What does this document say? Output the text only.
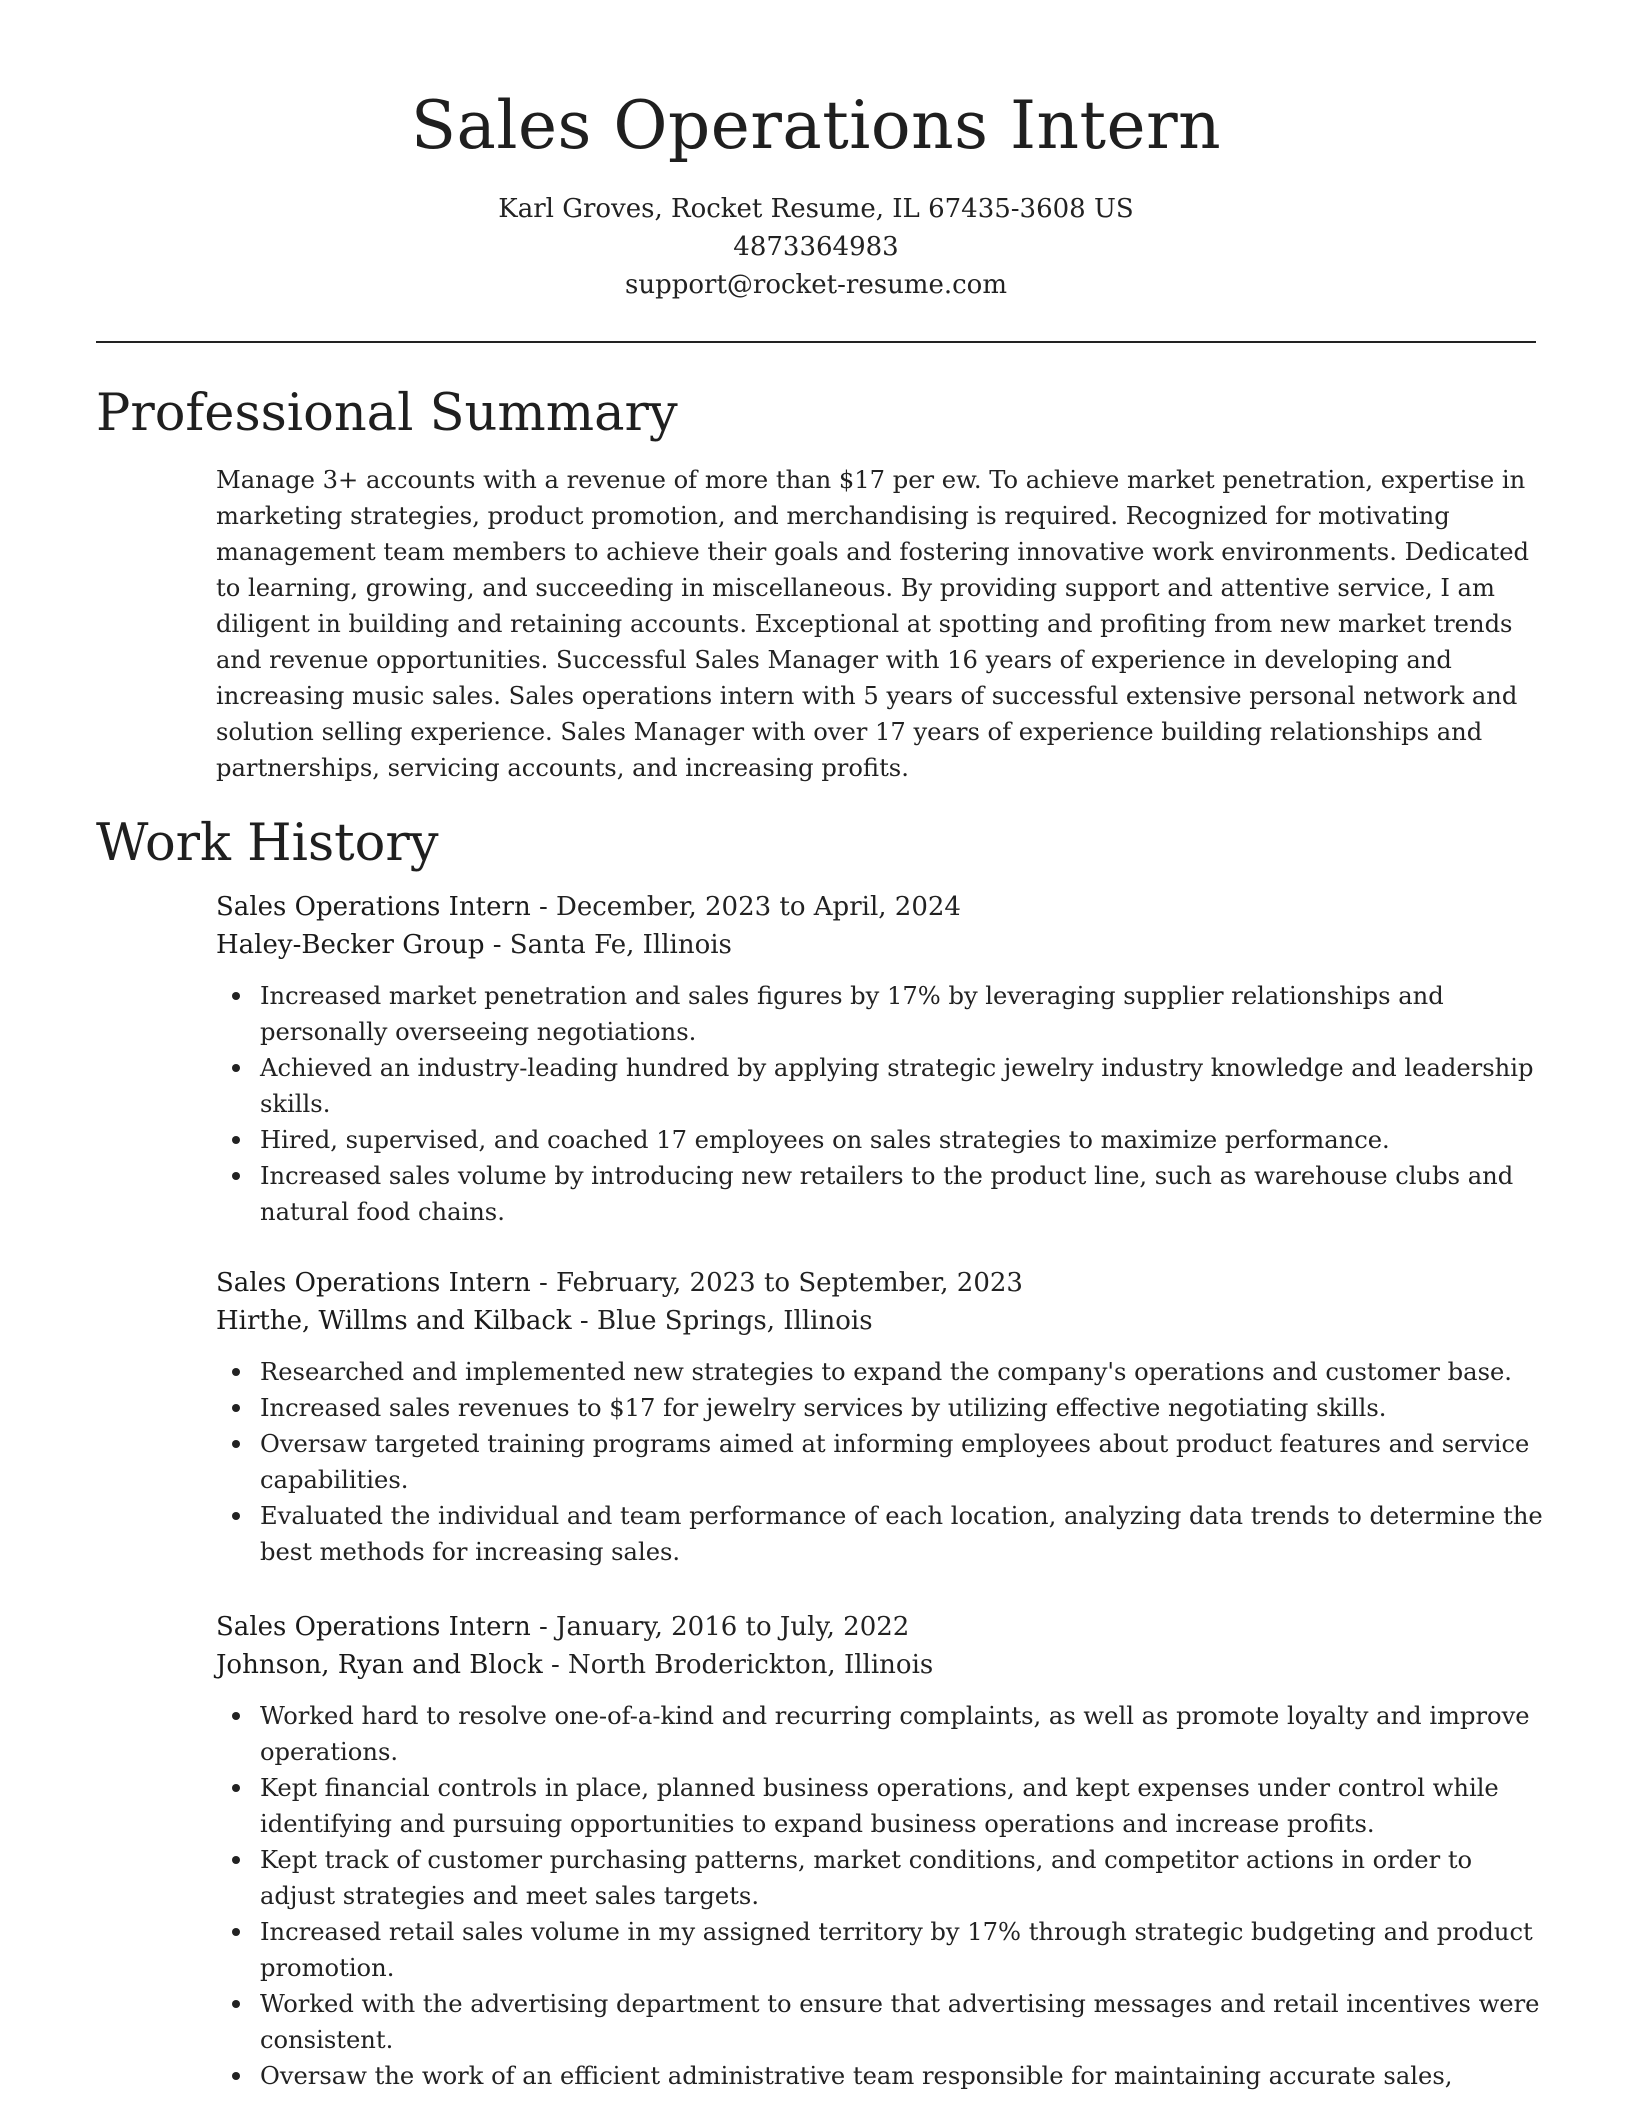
Sales Operations Intern
Karl Groves, Rocket Resume, IL 67435-3608 US
4873364983
support@rocket-resume.com
Professional Summary

Manage 3+ accounts with a revenue of more than $17 per ew. To achieve market penetration, expertise in marketing strategies, product promotion, and merchandising is required. Recognized for motivating management team members to achieve their goals and fostering innovative work environments. Dedicated to learning, growing, and succeeding in miscellaneous. By providing support and attentive service, I am diligent in building and retaining accounts. Exceptional at spotting and profiting from new market trends and revenue opportunities. Successful Sales Manager with 16 years of experience in developing and increasing music sales. Sales operations intern with 5 years of successful extensive personal network and solution selling experience. Sales Manager with over 17 years of experience building relationships and partnerships, servicing accounts, and increasing profits.

Work History
Sales Operations Intern - December, 2023 to April, 2024
Haley-Becker Group - Santa Fe, Illinois
Increased market penetration and sales figures by 17% by leveraging supplier relationships and personally overseeing negotiations.
Achieved an industry-leading hundred by applying strategic jewelry industry knowledge and leadership skills.
Hired, supervised, and coached 17 employees on sales strategies to maximize performance.
Increased sales volume by introducing new retailers to the product line, such as warehouse clubs and natural food chains.
Sales Operations Intern - February, 2023 to September, 2023
Hirthe, Willms and Kilback - Blue Springs, Illinois
Researched and implemented new strategies to expand the company's operations and customer base.
Increased sales revenues to $17 for jewelry services by utilizing effective negotiating skills.
Oversaw targeted training programs aimed at informing employees about product features and service capabilities.
Evaluated the individual and team performance of each location, analyzing data trends to determine the best methods for increasing sales.
Sales Operations Intern - January, 2016 to July, 2022
Johnson, Ryan and Block - North Broderickton, Illinois
Worked hard to resolve one-of-a-kind and recurring complaints, as well as promote loyalty and improve operations.
Kept financial controls in place, planned business operations, and kept expenses under control while identifying and pursuing opportunities to expand business operations and increase profits.
Kept track of customer purchasing patterns, market conditions, and competitor actions in order to adjust strategies and meet sales targets.
Increased retail sales volume in my assigned territory by 17% through strategic budgeting and product promotion.
Worked with the advertising department to ensure that advertising messages and retail incentives were consistent.
Oversaw the work of an efficient administrative team responsible for maintaining accurate sales,
